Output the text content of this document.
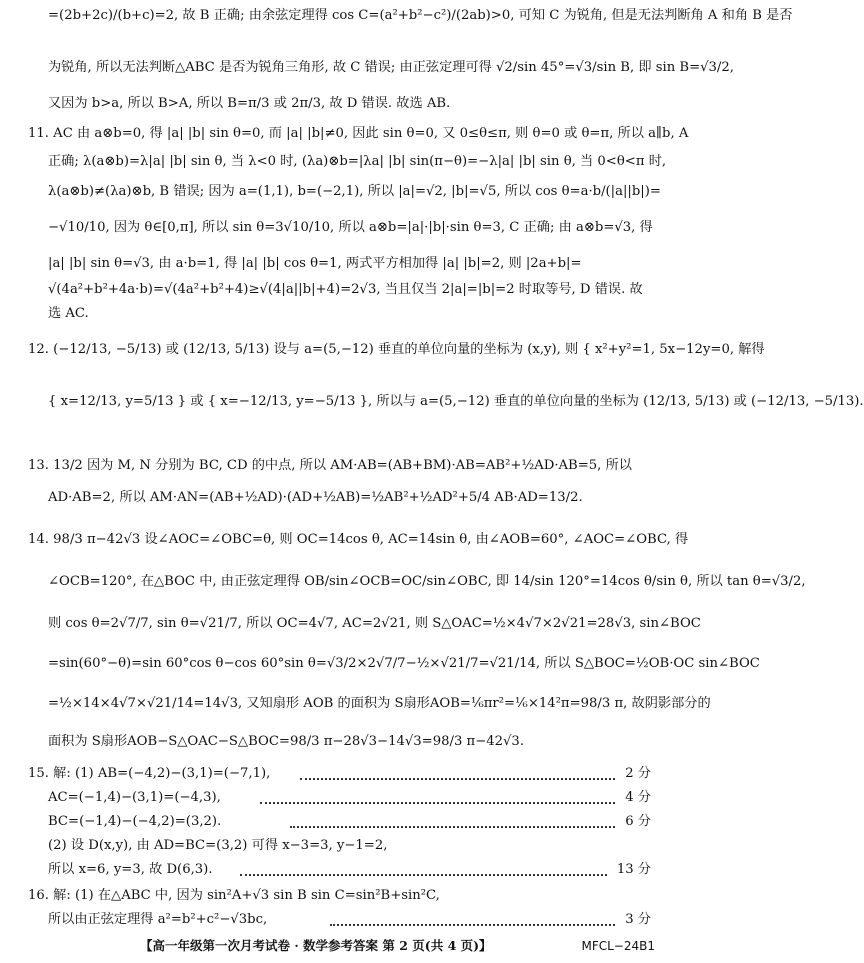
=(2b+2c)/(b+c)=2, 故 B 正确; 由余弦定理得 cos C=(a²+b²−c²)/(2ab)>0, 可知 C 为锐角, 但是无法判断角 A 和角 B 是否
为锐角, 所以无法判断△ABC 是否为锐角三角形, 故 C 错误; 由正弦定理可得 √2/sin 45°=√3/sin B, 即 sin B=√3/2,
又因为 b>a, 所以 B>A, 所以 B=π/3 或 2π/3, 故 D 错误. 故选 AB.
11. AC 由 a⊗b=0, 得 |a| |b| sin θ=0, 而 |a| |b|≠0, 因此 sin θ=0, 又 0≤θ≤π, 则 θ=0 或 θ=π, 所以 a∥b, A
正确; λ(a⊗b)=λ|a| |b| sin θ, 当 λ<0 时, (λa)⊗b=|λa| |b| sin(π−θ)=−λ|a| |b| sin θ, 当 0<θ<π 时,
λ(a⊗b)≠(λa)⊗b, B 错误; 因为 a=(1,1), b=(−2,1), 所以 |a|=√2, |b|=√5, 所以 cos θ=a·b/(|a||b|)=
−√10/10, 因为 θ∈[0,π], 所以 sin θ=3√10/10, 所以 a⊗b=|a|·|b|·sin θ=3, C 正确; 由 a⊗b=√3, 得
|a| |b| sin θ=√3, 由 a·b=1, 得 |a| |b| cos θ=1, 两式平方相加得 |a| |b|=2, 则 |2a+b|=
√(4a²+b²+4a·b)=√(4a²+b²+4)≥√(4|a||b|+4)=2√3, 当且仅当 2|a|=|b|=2 时取等号, D 错误. 故
选 AC.
12. (−12/13, −5/13) 或 (12/13, 5/13) 设与 a=(5,−12) 垂直的单位向量的坐标为 (x,y), 则 { x²+y²=1, 5x−12y=0, 解得
{ x=12/13, y=5/13 } 或 { x=−12/13, y=−5/13 }, 所以与 a=(5,−12) 垂直的单位向量的坐标为 (12/13, 5/13) 或 (−12/13, −5/13).
13. 13/2 因为 M, N 分别为 BC, CD 的中点, 所以 AM·AB=(AB+BM)·AB=AB²+½AD·AB=5, 所以
AD·AB=2, 所以 AM·AN=(AB+½AD)·(AD+½AB)=½AB²+½AD²+5/4 AB·AD=13/2.
14. 98/3 π−42√3 设∠AOC=∠OBC=θ, 则 OC=14cos θ, AC=14sin θ, 由∠AOB=60°, ∠AOC=∠OBC, 得
∠OCB=120°, 在△BOC 中, 由正弦定理得 OB/sin∠OCB=OC/sin∠OBC, 即 14/sin 120°=14cos θ/sin θ, 所以 tan θ=√3/2,
则 cos θ=2√7/7, sin θ=√21/7, 所以 OC=4√7, AC=2√21, 则 S△OAC=½×4√7×2√21=28√3, sin∠BOC
=sin(60°−θ)=sin 60°cos θ−cos 60°sin θ=√3/2×2√7/7−½×√21/7=√21/14, 所以 S△BOC=½OB·OC sin∠BOC
=½×14×4√7×√21/14=14√3, 又知扇形 AOB 的面积为 S扇形AOB=⅙πr²=⅙×14²π=98/3 π, 故阴影部分的
面积为 S扇形AOB−S△OAC−S△BOC=98/3 π−28√3−14√3=98/3 π−42√3.
15. 解: (1) AB=(−4,2)−(3,1)=(−7,1),	2 分
AC=(−1,4)−(3,1)=(−4,3),	4 分
BC=(−1,4)−(−4,2)=(3,2).	6 分
(2) 设 D(x,y), 由 AD=BC=(3,2) 可得 x−3=3, y−1=2,
所以 x=6, y=3, 故 D(6,3).	13 分
16. 解: (1) 在△ABC 中, 因为 sin²A+√3 sin B sin C=sin²B+sin²C,
所以由正弦定理得 a²=b²+c²−√3bc,	3 分
【高一年级第一次月考试卷 · 数学参考答案 第 2 页(共 4 页)】	MFCL−24B1
